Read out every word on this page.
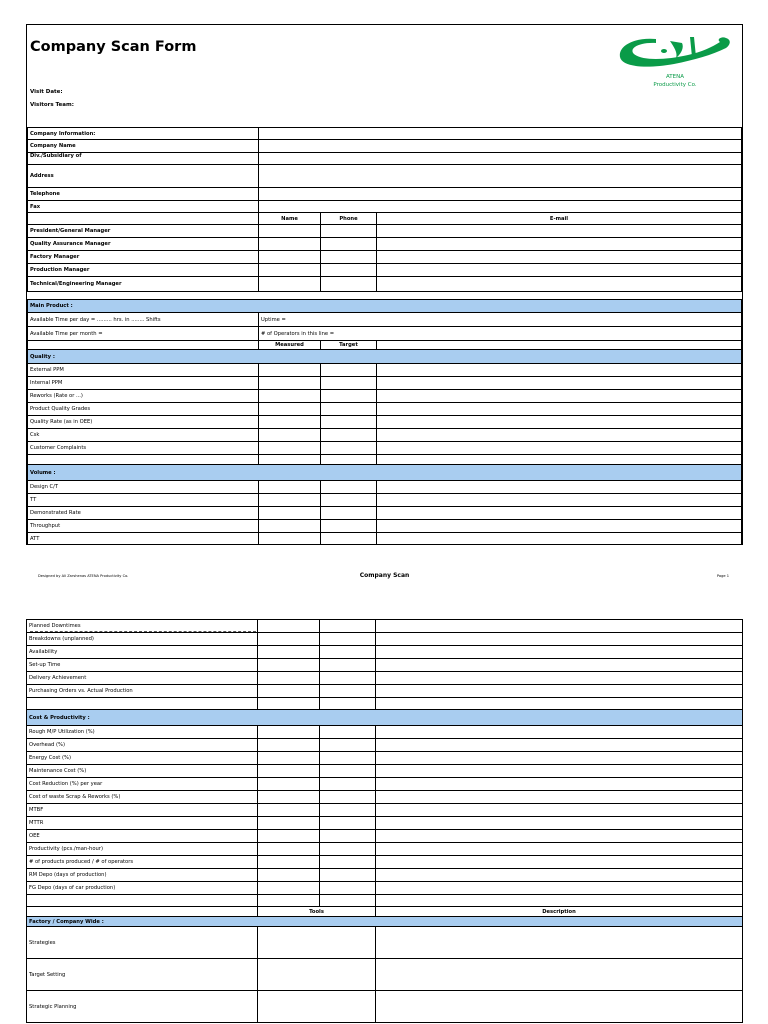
Company Scan Form
Visit Date:
Visitors Team:
ATENA
Productivity Co.
Company Information:			
Company Name			
Div./Subsidiary of			
Address			
Telephone			
Fax			
	Name	Phone	E-mail
President/General Manager			
Quality Assurance Manager			
Factory Manager			
Production Manager			
Technical/Engineering Manager			

Main Product :			
Available Time per day = ......... hrs. in ........ Shifts	Uptime =		
Available Time per month =	# of Operators in this line =		
	Measured	Target	
Quality :			
External PPM			
Internal PPM			
Reworks (Rate or ...)			
Product Quality Grades			
Quality Rate (as in OEE)			
Csk			
Customer Complaints			

Volume :			
Design C/T			
TT			
Demonstrated Rate			
Throughput			
ATT			
Designed by Ali Zarshenas ATENA Productivity Co.	Company Scan	Page 1
Planned Downtimes			
Breakdowns (unplanned)			
Availability			
Set-up Time			
Delivery Achievement			
Purchasing Orders vs. Actual Production			

Cost & Productivity :			
Rough M/P Utilization (%)			
Overhead (%)			
Energy Cost (%)			
Maintenance Cost (%)			
Cost Reduction (%) per year			
Cost of waste Scrap & Reworks (%)			
MTBF			
MTTR			
OEE			
Productivity (pcs./man-hour)			
# of products produced / # of operators			
RM Depo (days of production)			
FG Depo (days of car production)			

	Tools		Description
Factory / Company Wide :			
Strategies			
Target Setting			
Strategic Planning			
